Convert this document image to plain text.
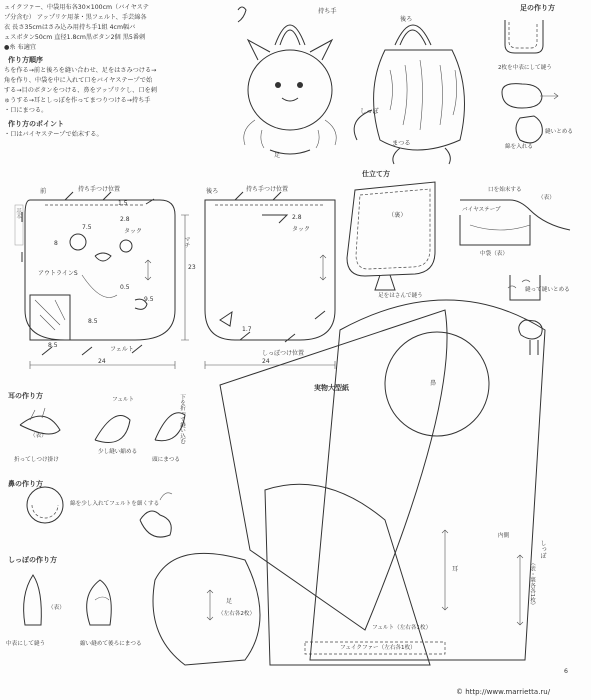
ェイクファー、中袋用布各30×100cm（バイヤステ
プ分含む） アップリケ用茶・黒フェルト、手芸綿各
衣 長さ35cmはさみ込み用持ち手1組 4cm幅バ
ュスボタン50cm 直径1.8cm黒ボタン2個 黒5番刺
●糸 布適宜
作り方順序
ちを作る→前と後ろを縫い合わせ、足をはさみつける→
角を作り、中袋を中に入れて口をバイヤステープで始
する→目のボタンをつける、鼻をアップリケし、口を刺
ゅうする→耳としっぽを作ってまつりつける→持ち手
・口にまつる。
作り方のポイント
・口はバイヤステープで始末する。
持ち手
後ろ
しっぽ
足
まつる
足の作り方
2枚を中表にして縫う
綿を入れる
縫いとめる
前	持ち手つけ位置
1.5
7.5
2.8
タック
8
アウトラインS
0.5
9.5
8.5
8.5
フェルト
24
マチ
23
後ろ	持ち手つけ位置
2.8
タック
1.7
しっぽつけ位置
24
仕立て方
（裏）
足をはさんで縫う
口を始末する
バイヤステープ
（表）
中袋（表）
縫って縫いとめる
耳の作り方	フェルト
折ってしつけ掛け
少し縫い縮める
頭にまつる
下を折って縫い込む
（表）
鼻の作り方
綿を少し入れてフェルトを細くする
しっぽの作り方
中表にして縫う
（表）
縮い縫めて後ろにまつる
実物大型紙
鼻
しっぽ
（表・裏各各1枚）
内側
耳
フェルト（左右各1枚）
フェイクファー（左右各1枚）
足
（左右各2枚）
6
基本
© http://www.marrietta.ru/
